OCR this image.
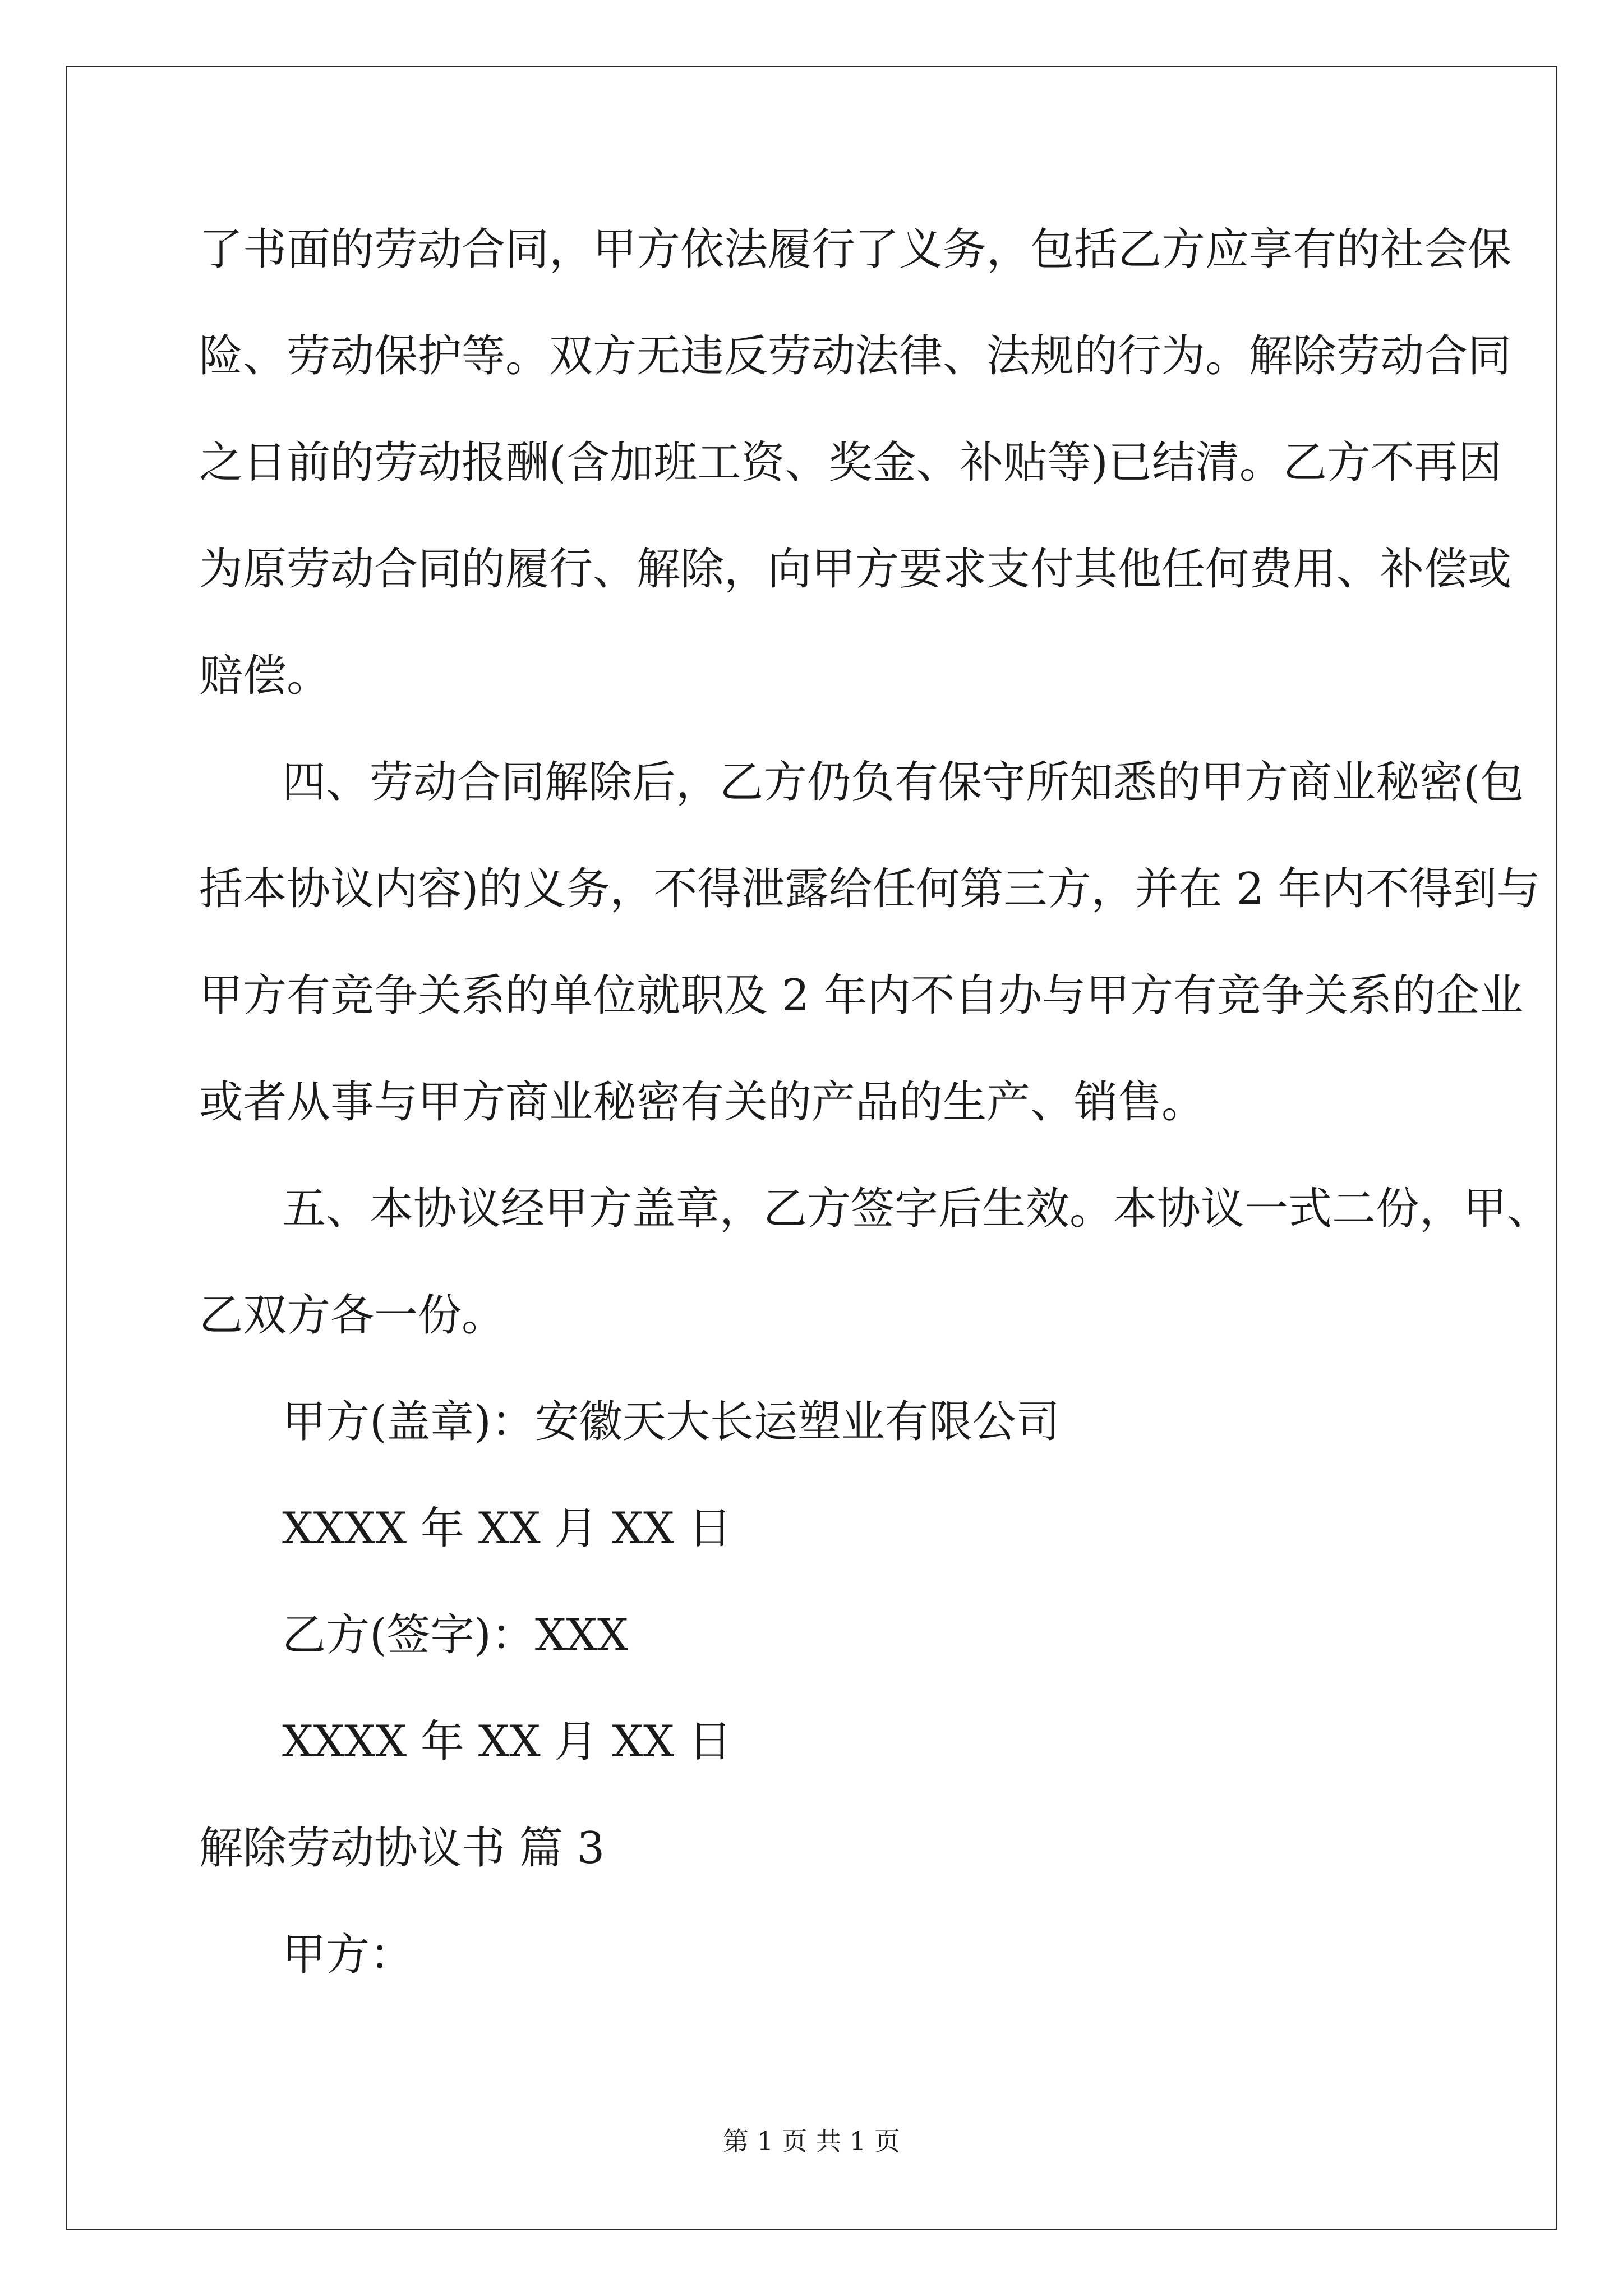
了书面的劳动合同，甲方依法履行了义务，包括乙方应享有的社会保
险、劳动保护等。双方无违反劳动法律、法规的行为。解除劳动合同
之日前的劳动报酬(含加班工资、奖金、补贴等)已结清。乙方不再因
为原劳动合同的履行、解除，向甲方要求支付其他任何费用、补偿或
赔偿。
四、劳动合同解除后，乙方仍负有保守所知悉的甲方商业秘密(包
括本协议内容)的义务，不得泄露给任何第三方，并在 2 年内不得到与
甲方有竞争关系的单位就职及 2 年内不自办与甲方有竞争关系的企业
或者从事与甲方商业秘密有关的产品的生产、销售。
五、本协议经甲方盖章，乙方签字后生效。本协议一式二份，甲、
乙双方各一份。
甲方(盖章)：安徽天大长运塑业有限公司
XXXX 年 XX 月 XX 日
乙方(签字)：XXX
XXXX 年 XX 月 XX 日
解除劳动协议书 篇 3
甲方：
第 1 页 共 1 页
